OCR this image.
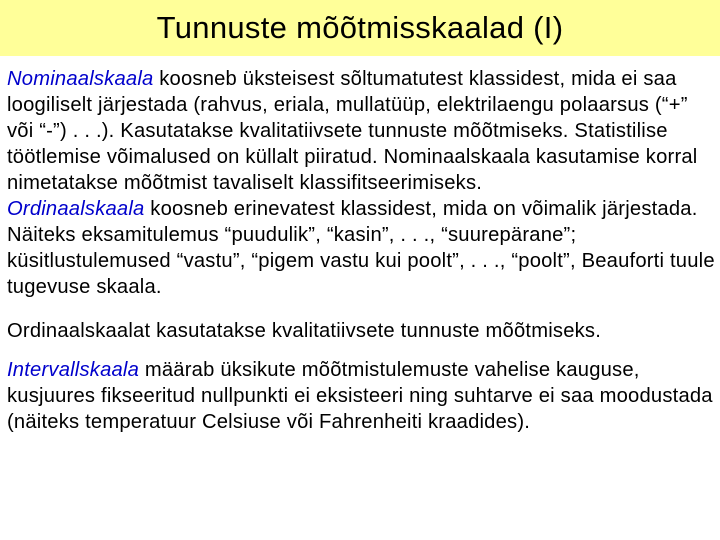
Tunnuste mõõtmisskaalad (I)

Nominaalskaala koosneb üksteisest sõltumatutest klassidest, mida ei saa loogiliselt järjestada (rahvus, eriala, mullatüüp, elektrilaengu polaarsus (“+” või “-”) . . .). Kasutatakse kvalitatiivsete tunnuste mõõtmiseks. Statistilise töötlemise võimalused on küllalt piiratud. Nominaalskaala kasutamise korral nimetatakse mõõtmist tavaliselt klassifitseerimiseks.

Ordinaalskaala koosneb erinevatest klassidest, mida on võimalik järjestada. Näiteks eksamitulemus “puudulik”, “kasin”, . . ., “suurepärane”; küsitlustulemused “vastu”, “pigem vastu kui poolt”, . . ., “poolt”, Beauforti tuule tugevuse skaala.

Ordinaalskaalat kasutatakse kvalitatiivsete tunnuste mõõtmiseks.

Intervallskaala määrab üksikute mõõtmistulemuste vahelise kauguse, kusjuures fikseeritud nullpunkti ei eksisteeri ning suhtarve ei saa moodustada (näiteks temperatuur Celsiuse või Fahrenheiti kraadides).
